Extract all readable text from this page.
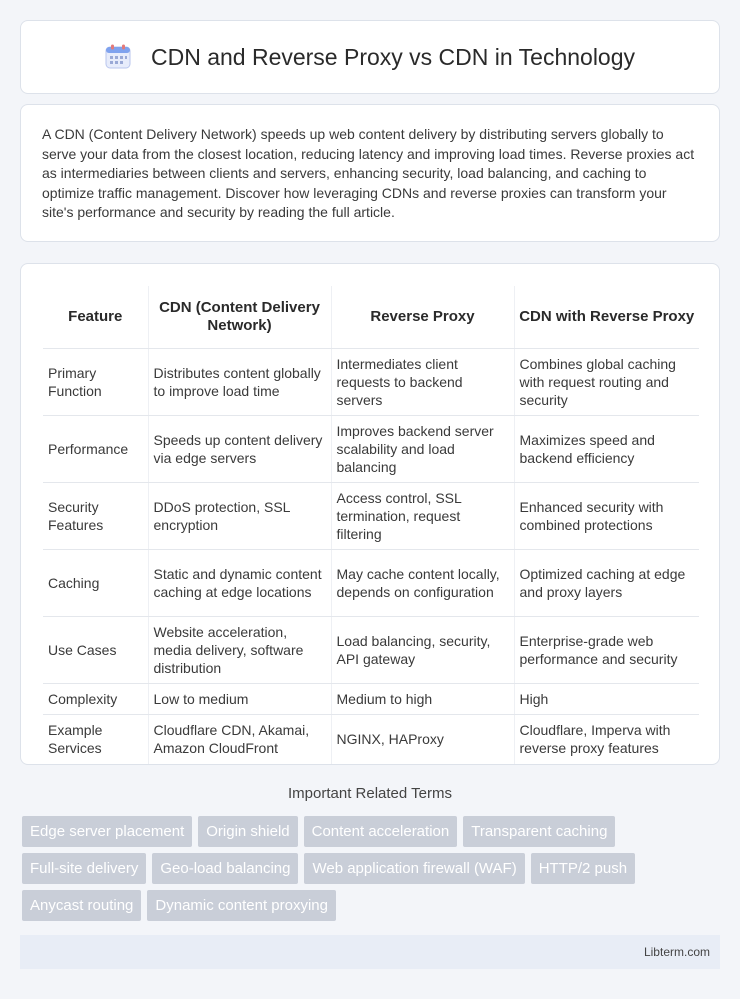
CDN and Reverse Proxy vs CDN in Technology

A CDN (Content Delivery Network) speeds up web content delivery by distributing servers globally to serve your data from the closest location, reducing latency and improving load times. Reverse proxies act as intermediaries between clients and servers, enhancing security, load balancing, and caching to optimize traffic management. Discover how leveraging CDNs and reverse proxies can transform your site's performance and security by reading the full article.

Feature	CDN (Content Delivery Network)	Reverse Proxy	CDN with Reverse Proxy
Primary Function	Distributes content globally to improve load time	Intermediates client requests to backend servers	Combines global caching with request routing and security
Performance	Speeds up content delivery via edge servers	Improves backend server scalability and load balancing	Maximizes speed and backend efficiency
Security Features	DDoS protection, SSL encryption	Access control, SSL termination, request filtering	Enhanced security with combined protections
Caching	Static and dynamic content caching at edge locations	May cache content locally, depends on configuration	Optimized caching at edge and proxy layers
Use Cases	Website acceleration, media delivery, software distribution	Load balancing, security, API gateway	Enterprise-grade web performance and security
Complexity	Low to medium	Medium to high	High
Example Services	Cloudflare CDN, Akamai, Amazon CloudFront	NGINX, HAProxy	Cloudflare, Imperva with reverse proxy features
Important Related Terms
Edge server placement	Origin shield	Content acceleration	Transparent caching
Full-site delivery	Geo-load balancing	Web application firewall (WAF)	HTTP/2 push
Anycast routing	Dynamic content proxying
Libterm.com
